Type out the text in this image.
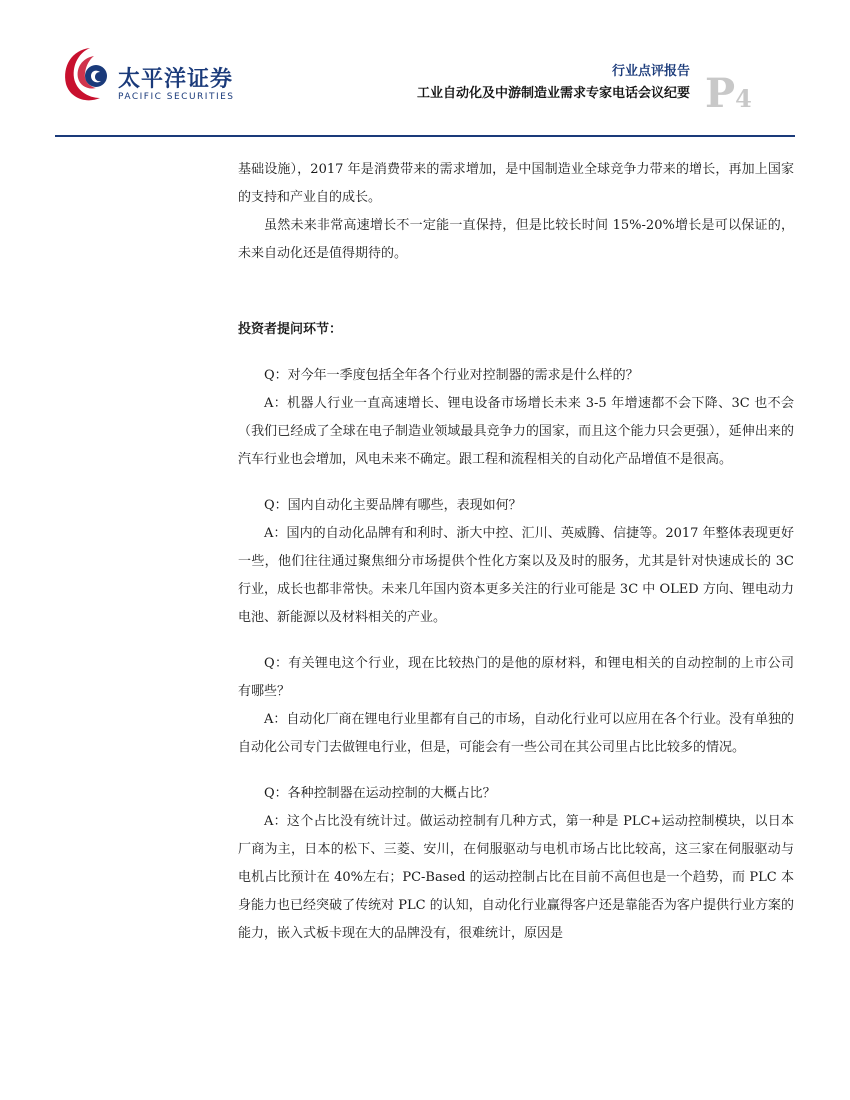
太平洋证券
PACIFIC SECURITIES
行业点评报告
工业自动化及中游制造业需求专家电话会议纪要 P4

基础设施），2017 年是消费带来的需求增加，是中国制造业全球竞争力带来的增长，再加上国家的支持和产业自的成长。

虽然未来非常高速增长不一定能一直保持，但是比较长时间 15%-20%增长是可以保证的，未来自动化还是值得期待的。

投资者提问环节：

Q：对今年一季度包括全年各个行业对控制器的需求是什么样的？

A：机器人行业一直高速增长、锂电设备市场增长未来 3-5 年增速都不会下降、3C 也不会（我们已经成了全球在电子制造业领域最具竞争力的国家，而且这个能力只会更强），延伸出来的汽车行业也会增加，风电未来不确定。跟工程和流程相关的自动化产品增值不是很高。

Q：国内自动化主要品牌有哪些，表现如何？

A：国内的自动化品牌有和利时、浙大中控、汇川、英威腾、信捷等。2017 年整体表现更好一些，他们往往通过聚焦细分市场提供个性化方案以及及时的服务，尤其是针对快速成长的 3C 行业，成长也都非常快。未来几年国内资本更多关注的行业可能是 3C 中 OLED 方向、锂电动力电池、新能源以及材料相关的产业。

Q：有关锂电这个行业，现在比较热门的是他的原材料，和锂电相关的自动控制的上市公司有哪些？

A：自动化厂商在锂电行业里都有自己的市场，自动化行业可以应用在各个行业。没有单独的自动化公司专门去做锂电行业，但是，可能会有一些公司在其公司里占比比较多的情况。

Q：各种控制器在运动控制的大概占比？

A：这个占比没有统计过。做运动控制有几种方式，第一种是 PLC+运动控制模块，以日本厂商为主，日本的松下、三菱、安川，在伺服驱动与电机市场占比比较高，这三家在伺服驱动与电机占比预计在 40%左右；PC-Based 的运动控制占比在目前不高但也是一个趋势，而 PLC 本身能力也已经突破了传统对 PLC 的认知，自动化行业赢得客户还是靠能否为客户提供行业方案的能力，嵌入式板卡现在大的品牌没有，很难统计，原因是
